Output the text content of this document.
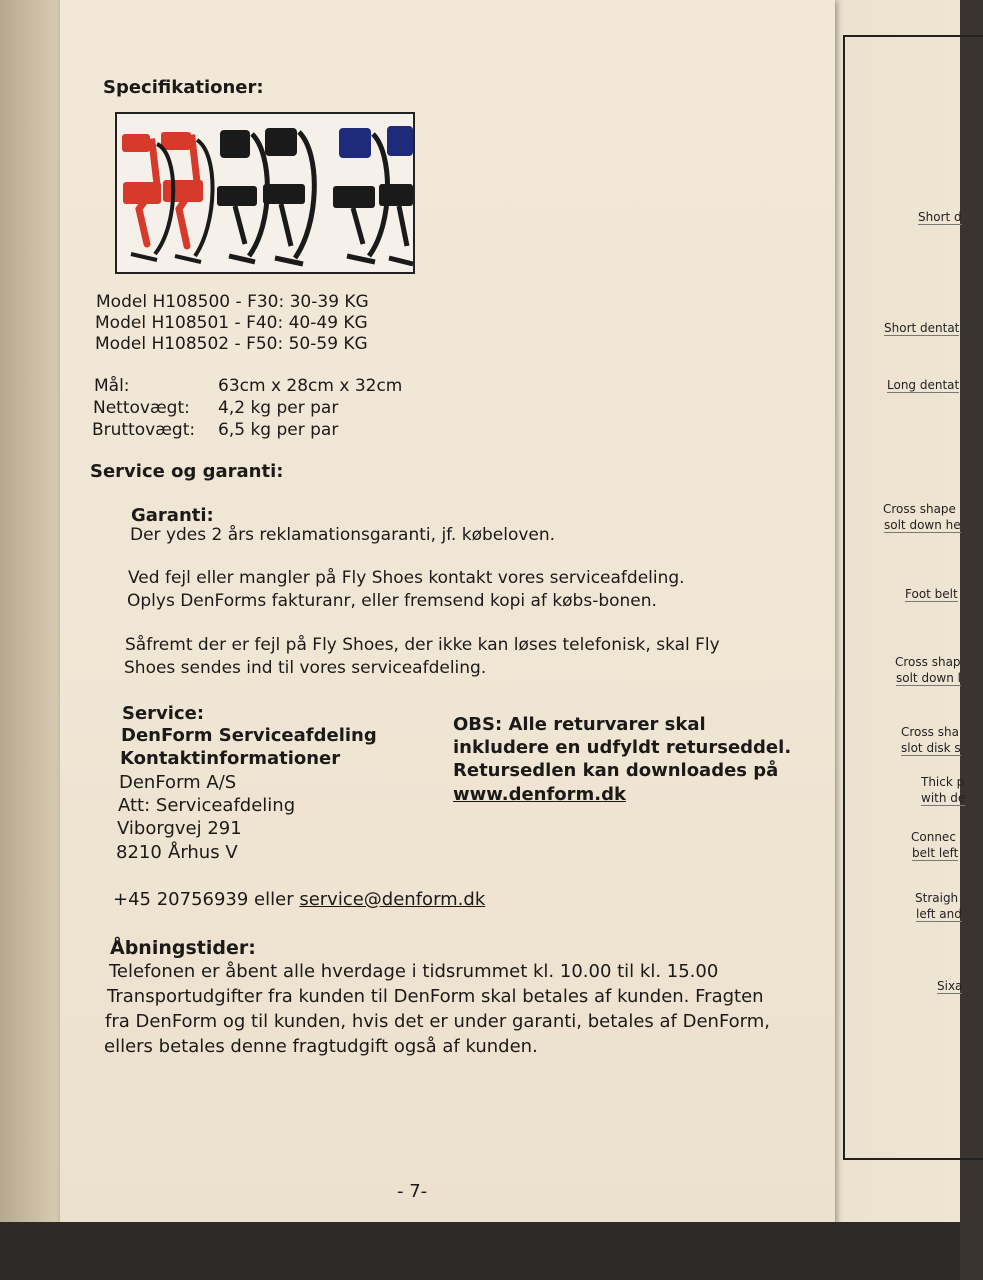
Short d
Short dentat
Long dentat
Cross shape
solt down he
Foot belt
Cross shap
solt down l
Cross sha
slot disk s
Thick p
with de
Connec
belt left
Straigh
left and
Sixa
Specifikationer:
Model H108500 - F30: 30-39 KG
Model H108501 - F40: 40-49 KG
Model H108502 - F50: 50-59 KG
Mål:	63cm x 28cm x 32cm
Nettovægt: 4,2 kg per par
Bruttovægt: 6,5 kg per par
Service og garanti:
Garanti:
Der ydes 2 års reklamationsgaranti, jf. købeloven.
Ved fejl eller mangler på Fly Shoes kontakt vores serviceafdeling.
Oplys DenForms fakturanr, eller fremsend kopi af købs-bonen.
Såfremt der er fejl på Fly Shoes, der ikke kan løses telefonisk, skal Fly
Shoes sendes ind til vores serviceafdeling.
Service:
DenForm Serviceafdeling
Kontaktinformationer
DenForm A/S
Att: Serviceafdeling
Viborgvej 291
8210 Århus V
OBS: Alle returvarer skal
inkludere en udfyldt returseddel.
Retursedlen kan downloades på
www.denform.dk
+45 20756939 eller service@denform.dk
Åbningstider:
Telefonen er åbent alle hverdage i tidsrummet kl. 10.00 til kl. 15.00
Transportudgifter fra kunden til DenForm skal betales af kunden. Fragten
fra DenForm og til kunden, hvis det er under garanti, betales af DenForm,
ellers betales denne fragtudgift også af kunden.
- 7-
